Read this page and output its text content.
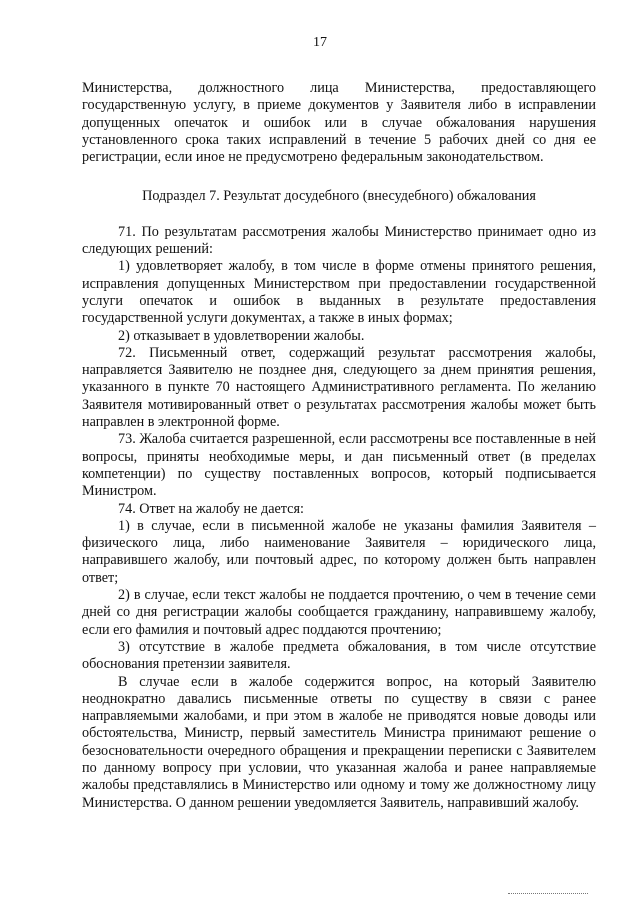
17

Министерства, должностного лица Министерства, предоставляющего государственную услугу, в приеме документов у Заявителя либо в исправлении допущенных опечаток и ошибок или в случае обжалования нарушения установленного срока таких исправлений в течение 5 рабочих дней со дня ее регистрации, если иное не предусмотрено федеральным законодательством.

Подраздел 7. Результат досудебного (внесудебного) обжалования

71. По результатам рассмотрения жалобы Министерство принимает одно из следующих решений:

1) удовлетворяет жалобу, в том числе в форме отмены принятого решения, исправления допущенных Министерством при предоставлении государственной услуги опечаток и ошибок в выданных в результате предоставления государственной услуги документах, а также в иных формах;

2) отказывает в удовлетворении жалобы.

72. Письменный ответ, содержащий результат рассмотрения жалобы, направляется Заявителю не позднее дня, следующего за днем принятия решения, указанного в пункте 70 настоящего Административного регламента. По желанию Заявителя мотивированный ответ о результатах рассмотрения жалобы может быть направлен в электронной форме.

73. Жалоба считается разрешенной, если рассмотрены все поставленные в ней вопросы, приняты необходимые меры, и дан письменный ответ (в пределах компетенции) по существу поставленных вопросов, который подписывается Министром.

74. Ответ на жалобу не дается:

1) в случае, если в письменной жалобе не указаны фамилия Заявителя – физического лица, либо наименование Заявителя – юридического лица, направившего жалобу, или почтовый адрес, по которому должен быть направлен ответ;

2) в случае, если текст жалобы не поддается прочтению, о чем в течение семи дней со дня регистрации жалобы сообщается гражданину, направившему жалобу, если его фамилия и почтовый адрес поддаются прочтению;

3) отсутствие в жалобе предмета обжалования, в том числе отсутствие обоснования претензии заявителя.

В случае если в жалобе содержится вопрос, на который Заявителю неоднократно давались письменные ответы по существу в связи с ранее направляемыми жалобами, и при этом в жалобе не приводятся новые доводы или обстоятельства, Министр, первый заместитель Министра принимают решение о безосновательности очередного обращения и прекращении переписки с Заявителем по данному вопросу при условии, что указанная жалоба и ранее направляемые жалобы представлялись в Министерство или одному и тому же должностному лицу Министерства. О данном решении уведомляется Заявитель, направивший жалобу.
